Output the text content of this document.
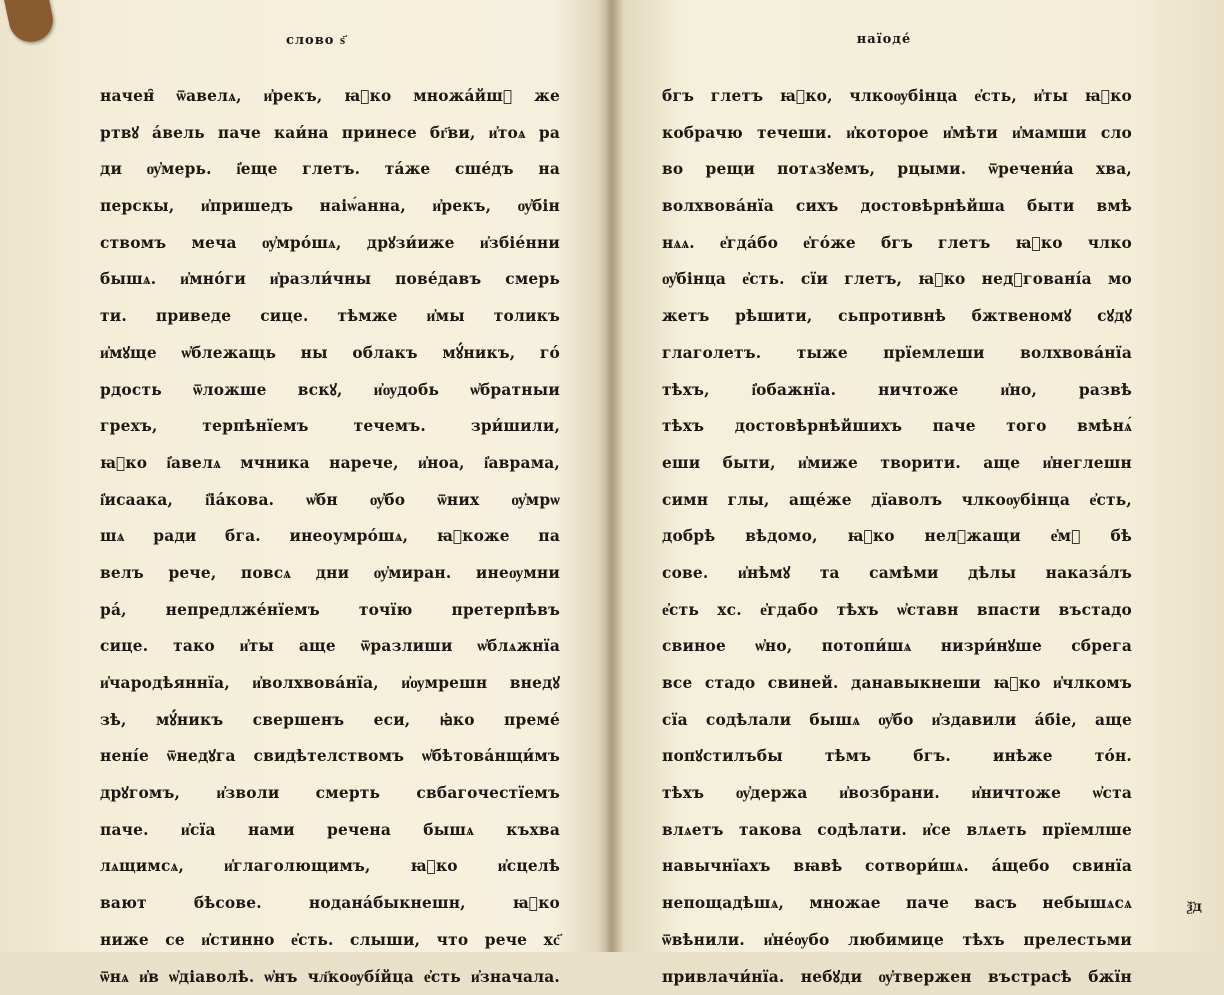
слово ѕ҃
начен̑ ѿавелѧ, и҆рекъ, ꙗ҆ко множа́йшꙋ же
ртвꙋ а́вель паче каи́на принесе бг҃ви, и҆тоѧ ра
ди ѹ҆мерь. і҆еще глетъ. та́же сше́дъ на
перскы, и҆пришедъ наіѡ́анна, и҆рекъ, ѹ҆бін
ствомъ меча ѹ҆мро́шѧ, дрꙋзи́иже и҆збіе́нни
бышѧ. и҆мно́ги и҆разли́чны пове́давъ смерь
ти. приведе сице. тѣмже и҆мы толикъ
и҆мꙋще ѡ҆блежащь ны облакъ мꙋ́никъ, го́
рдость ѿложше вскꙋ, и҆ѹдобь ѡ҆братныи
грехъ, терпѣнїемъ течемъ. зри́шили,
ꙗ҆ко і҆авелѧ мчника нарече, и҆ноа, і҆аврама,
і҆исаака, і҆іа́кова. ѡ҆бн ѹ҆бо ѿних ѹ҆мрѡ
шѧ ради бга. инеоумро́шѧ, ꙗ҆коже па
велъ рече, повсѧ дни ѹ҆миран. инеѹмни
ра́, непредлже́нїемъ точїю претерпѣвъ
сице. тако и҆ты аще ѿразлиши ѡ҆блѧжнїа
и҆чародѣяннїа, и҆волхвова́нїа, и҆ѹмрешн внедꙋ
зѣ, мꙋ́никъ свершенъ еси, ꙗ҆ко преме́
нені́е ѿнедꙋга свидѣтелствомъ ѡ҆бѣтова́нщи́мъ
дрꙋгомъ, и҆зволи смерть свбагочестїемъ
паче. и҆сїа нами речена бышѧ къхва
лѧщимсѧ, и҆глаголющимъ, ꙗ҆ко и҆сцелѣ
вают бѣсове. нодана́быкнешн, ꙗ҆ко
ниже се и҆стинно е҆сть. слыши, что рече хс҃
ѿнѧ и҆в ѡ҆діаволѣ. ѡ҆нъ чл҃коѹбі́йца е҆сть и҆значала.
наїоде́
бгъ глетъ ꙗ҆ко, члкоѹбінца е҆сть, и҆ты ꙗ҆ко
кобрачю течеши. и҆которое и҆мѣти и҆мамши сло
во рещи потѧзꙋемъ, рцыми. ѿречени́а хва,
волхвова́нїа сихъ достовѣрнѣйша быти вмѣ
нѧѧ. е҆гда́бо е҆го́же бгъ глетъ ꙗ҆ко члко
ѹ҆бінца е҆сть. сїи глетъ, ꙗ҆ко недꙋговані́а мо
жетъ рѣшити, сьпротивнѣ бжтвеномꙋ сꙋдꙋ
глаголетъ. тыже прїемлеши волхвова́нїа
тѣхъ, і҆обажнїа. ничтоже и҆но, развѣ
тѣхъ достовѣрнѣйшихъ паче того вмѣнѧ́
еши быти, и҆миже творити. аще и҆неглешн
симн глы, аще́же дїаволъ члкоѹбінца е҆сть,
добрѣ вѣдомо, ꙗ҆ко нелꙋжащи е҆мꙋ бѣ
сове. и҆нѣмꙋ та самѣми дѣлы наказа́лъ
е҆сть хс. е҆гдабо тѣхъ ѡ҆ставн впасти въстадо
свиное ѡ҆но, потопи́шѧ низри́нꙋше сбрега
все стадо свиней. данавыкнеши ꙗ҆ко и҆члкомъ
сїа содѣлали бышѧ ѹ҆бо и҆здавили а́біе, аще
попꙋстилъбы тѣмъ бгъ. инѣже то́н.
тѣхъ ѹ҆держа и҆возбрани. и҆ничтоже ѡ҆ста
влѧетъ такова содѣлати. и҆се влѧеть прїемлше
навычнїахъ вꙗвѣ сотвори́шѧ. а́щебо свинїа
непощадѣшѧ, множае паче васъ небышѧсѧ
ѿвѣнили. и҆не́ѹбо любимице тѣхъ прелестьми
привлачи́нїа. небꙋди ѹ҆твержен въстрасѣ бжїн
ѯ҃д
